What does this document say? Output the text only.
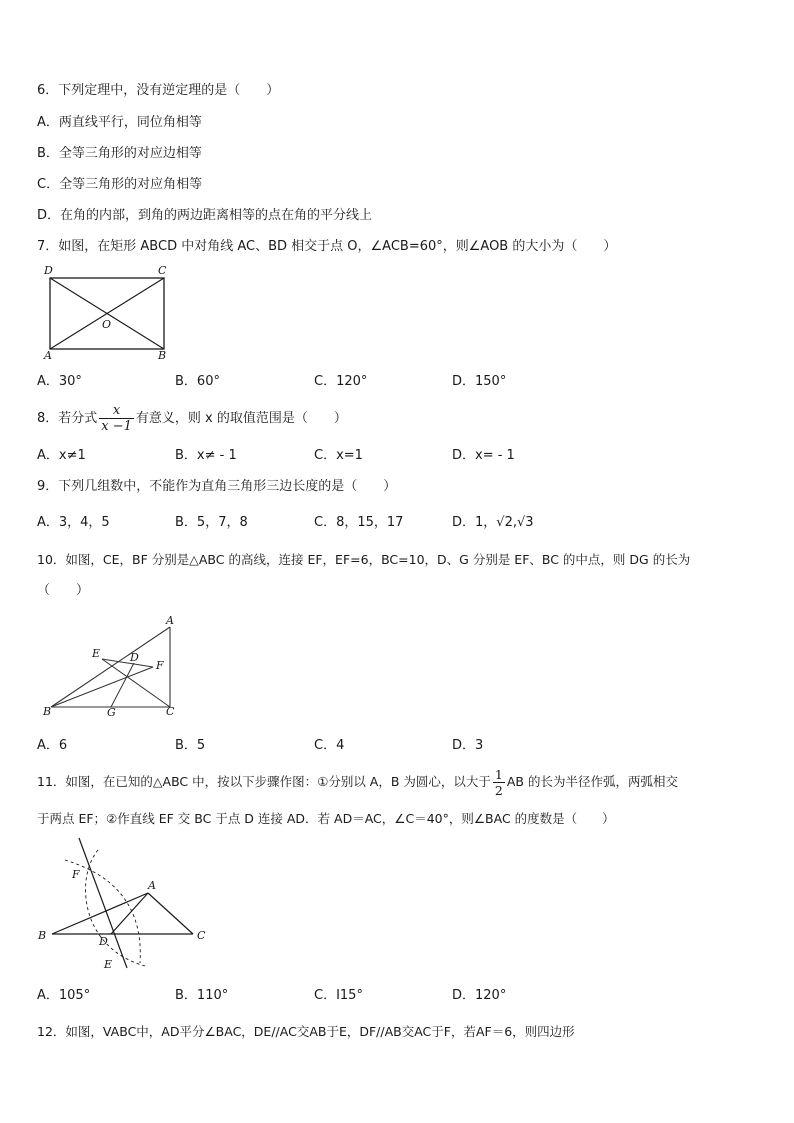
6．下列定理中，没有逆定理的是（　　）
A．两直线平行，同位角相等
B．全等三角形的对应边相等
C．全等三角形的对应角相等
D．在角的内部，到角的两边距离相等的点在角的平分线上
7．如图，在矩形 ABCD 中对角线 AC、BD 相交于点 O，∠ACB=60°，则∠AOB 的大小为（　　）
D	C
A	B
O
A．30°	B．60°	C．120°	D．150°
8．若分式 $\frac{x}{x -1}$ 有意义，则 x 的取值范围是（　　）
A．x≠1	B．x≠ - 1	C．x=1	D．x= - 1
9．下列几组数中，不能作为直角三角形三边长度的是（　　）
A．3，4，5	B．5，7，8	C．8，15，17	D．1，√2,√3
10．如图，CE，BF 分别是△ABC 的高线，连接 EF，EF=6，BC=10，D、G 分别是 EF、BC 的中点，则 DG 的长为
（　　）
A
B	C
D
E
F
G
A．6	B．5	C．4	D．3
11．如图，在已知的△ABC 中，按以下步骤作图：①分别以 A，B 为圆心，以大于 $\frac{1}{2}$ AB 的长为半径作弧，两弧相交
于两点 EF；②作直线 EF 交 BC 于点 D 连接 AD．若 AD＝AC，∠C＝40°，则∠BAC 的度数是（　　）
A
B	C
D
E
F
A．105°	B．110°	C．I15°	D．120°
12．如图，VABC中，AD平分∠BAC，DE//AC交AB于E，DF//AB交AC于F，若AF＝6，则四边形
